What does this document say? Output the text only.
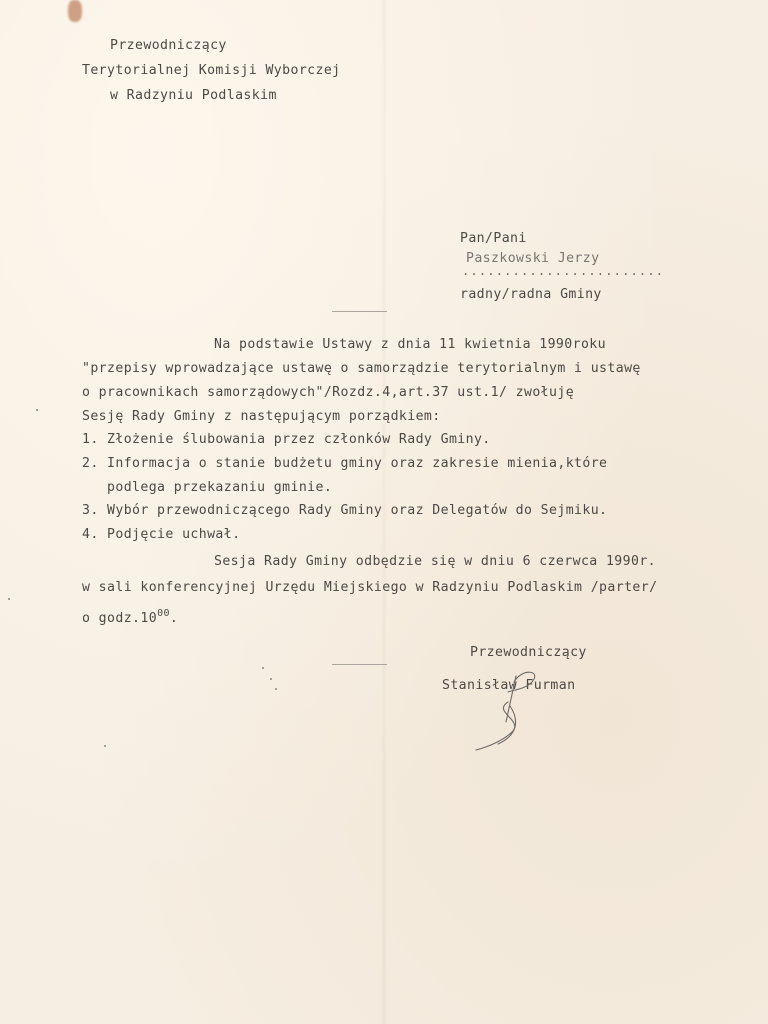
Przewodniczący
Terytorialnej Komisji Wyborczej
w Radzyniu Podlaskim
Pan/Pani
Paszkowski Jerzy
........................
radny/radna Gminy
Na podstawie Ustawy z dnia 11 kwietnia 1990roku
"przepisy wprowadzające ustawę o samorządzie terytorialnym i ustawę
o pracownikach samorządowych"/Rozdz.4,art.37 ust.1/ zwołuję
Sesję Rady Gminy z następującym porządkiem:
1. Złożenie ślubowania przez członków Rady Gminy.
2. Informacja o stanie budżetu gminy oraz zakresie mienia,które
podlega przekazaniu gminie.
3. Wybór przewodniczącego Rady Gminy oraz Delegatów do Sejmiku.
4. Podjęcie uchwał.
Sesja Rady Gminy odbędzie się w dniu 6 czerwca 1990r.
w sali konferencyjnej Urzędu Miejskiego w Radzyniu Podlaskim /parter/
o $godz.10^{00}$.
Przewodniczący
Stanisław Furman
